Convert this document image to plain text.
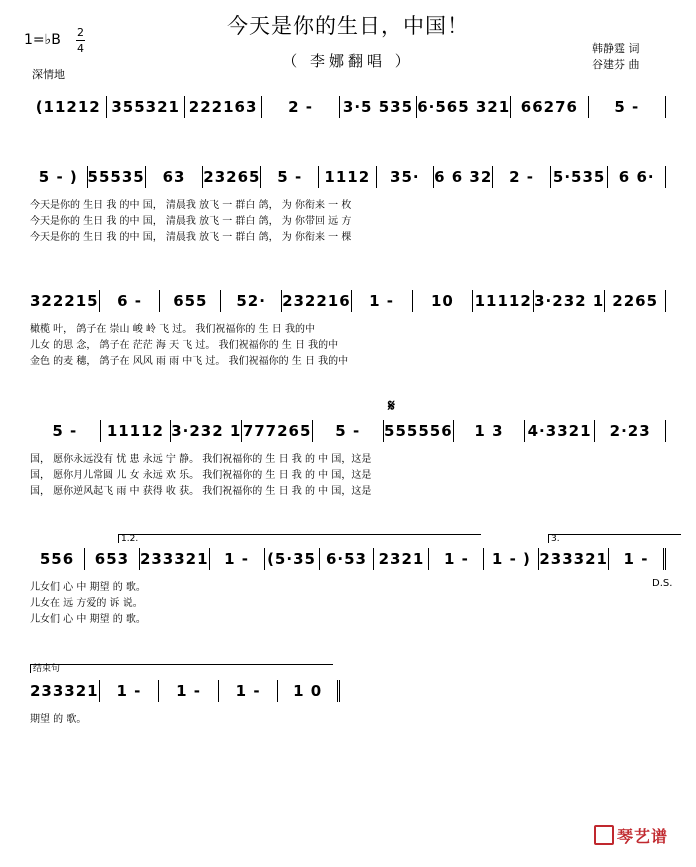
今天是你的生日，中国！
（ 李娜翻唱 ）
1=♭B 2
4
深情地
韩静霆 词
谷建芬 曲
(11212 355321 222163	2 -	3·5 535 6·565 321 66276	5 -
5 - ) 55535	63	23265	5 -	1112	35· 6 6 32	2 -	5·535 6 6·
今天是你的 生日 我 的中 国， 清晨我 放飞 一 群白 鸽， 为 你衔来 一 枚
今天是你的 生日 我 的中 国， 清晨我 放飞 一 群白 鸽， 为 你带回 远 方
今天是你的 生日 我 的中 国， 清晨我 放飞 一 群白 鸽， 为 你衔来 一 棵
322215	6 -	655	52·	232216	1 -	10	11112 3·232 1 2265
橄榄 叶， 鸽子在 崇山 峻 岭 飞 过。 我们祝福你的 生 日 我的中
儿女 的思 念， 鸽子在 茫茫 海 天 飞 过。 我们祝福你的 生 日 我的中
金色 的麦 穗， 鸽子在 风风 雨 雨 中飞 过。 我们祝福你的 生 日 我的中
𝄋
5 -	11112 3·232 1 777265	5 -	555556	1 3	4·3321	2·23
国， 愿你永远没有 忧 患 永远 宁 静。 我们祝福你的 生 日 我 的 中 国，这是
国， 愿你月儿常圆 儿 女 永远 欢 乐。 我们祝福你的 生 日 我 的 中 国，这是
国， 愿你逆风起飞 雨 中 获得 收 获。 我们祝福你的 生 日 我 的 中 国，这是
1.2.	3.
556	653 233321	1 -	(5·35 6·53 2321	1 -	1 - ) 233321	1 -
儿女们 心 中 期望 的 歌。
儿女在 远 方爱的 诉 说。
儿女们 心 中 期望 的 歌。
D.S.
结束句
233321	1 -	1 -	1 -	1 0
期望 的 歌。
琴艺谱
